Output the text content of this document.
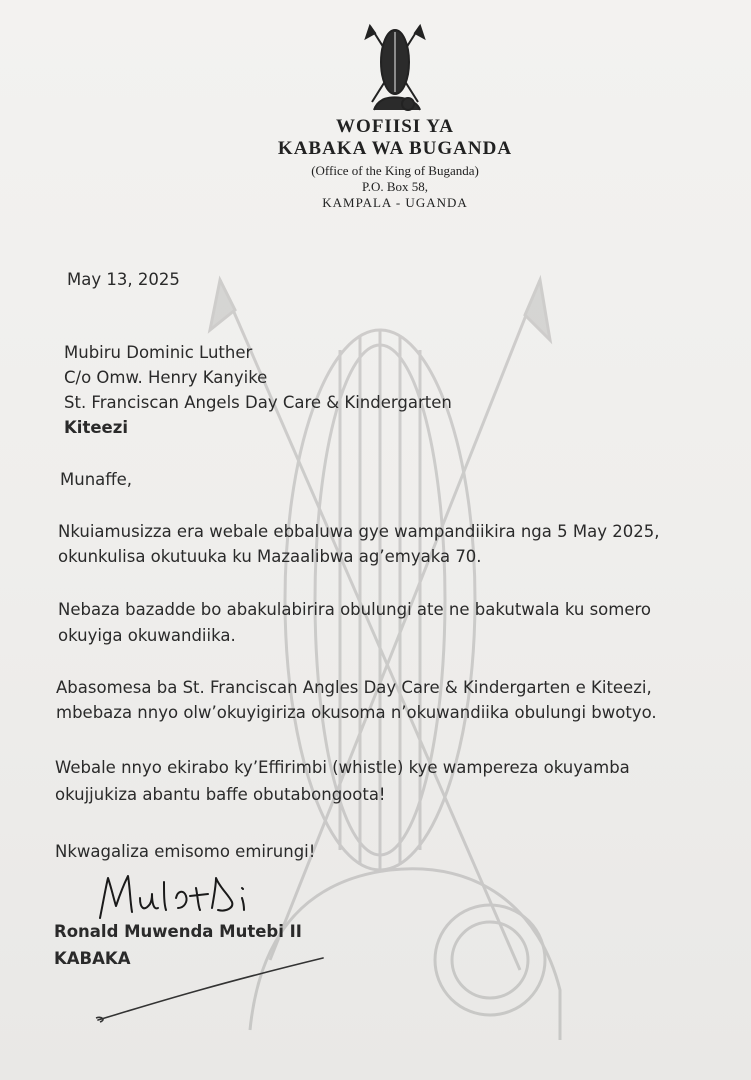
WOFIISI YA
KABAKA WA BUGANDA
(Office of the King of Buganda)
P.O. Box 58,
KAMPALA - UGANDA
May 13, 2025
Mubiru Dominic Luther
C/o Omw. Henry Kanyike
St. Franciscan Angels Day Care & Kindergarten
Kiteezi
Munaffe,
Nkuiamusizza era webale ebbaluwa gye wampandiikira nga 5 May 2025,
okunkulisa okutuuka ku Mazaalibwa ag’emyaka 70.
Nebaza bazadde bo abakulabirira obulungi ate ne bakutwala ku somero
okuyiga okuwandiika.
Abasomesa ba St. Franciscan Angles Day Care & Kindergarten e Kiteezi,
mbebaza nnyo olw’okuyigiriza okusoma n’okuwandiika obulungi bwotyo.
Webale nnyo ekirabo ky’Effirimbi (whistle) kye wampereza okuyamba
okujjukiza abantu baffe obutabongoota!
Nkwagaliza emisomo emirungi!
Ronald Muwenda Mutebi II
KABAKA
